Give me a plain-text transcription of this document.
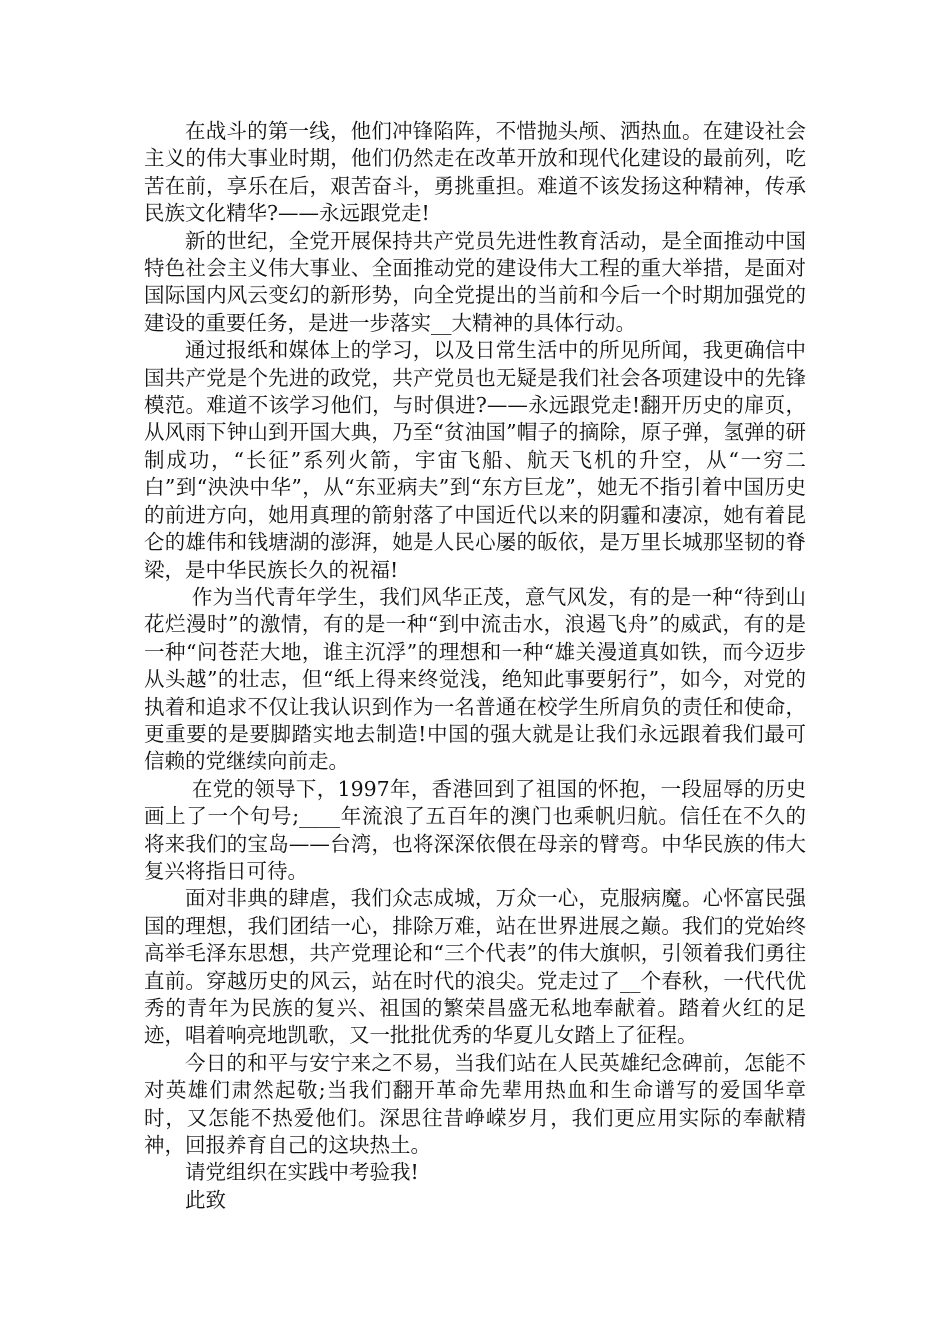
在战斗的第一线，他们冲锋陷阵，不惜抛头颅、洒热血。在建设社会主义的伟大事业时期，他们仍然走在改革开放和现代化建设的最前列，吃苦在前，享乐在后，艰苦奋斗，勇挑重担。难道不该发扬这种精神，传承民族文化精华?——永远跟党走!

新的世纪，全党开展保持共产党员先进性教育活动，是全面推动中国特色社会主义伟大事业、全面推动党的建设伟大工程的重大举措，是面对国际国内风云变幻的新形势，向全党提出的当前和今后一个时期加强党的建设的重要任务，是进一步落实__大精神的具体行动。

通过报纸和媒体上的学习，以及日常生活中的所见所闻，我更确信中国共产党是个先进的政党，共产党员也无疑是我们社会各项建设中的先锋模范。难道不该学习他们，与时俱进?——永远跟党走!翻开历史的扉页，从风雨下钟山到开国大典，乃至“贫油国”帽子的摘除，原子弹，氢弹的研制成功，“长征”系列火箭，宇宙飞船、航天飞机的升空，从“一穷二白”到“泱泱中华”，从“东亚病夫”到“东方巨龙”，她无不指引着中国历史的前进方向，她用真理的箭射落了中国近代以来的阴霾和凄凉，她有着昆仑的雄伟和钱塘湖的澎湃，她是人民心屡的皈依，是万里长城那坚韧的脊梁，是中华民族长久的祝福!

作为当代青年学生，我们风华正茂，意气风发，有的是一种“待到山花烂漫时”的激情，有的是一种“到中流击水，浪遏飞舟”的威武，有的是一种“问苍茫大地，谁主沉浮”的理想和一种“雄关漫道真如铁，而今迈步从头越”的壮志，但“纸上得来终觉浅，绝知此事要躬行”，如今，对党的执着和追求不仅让我认识到作为一名普通在校学生所肩负的责任和使命，更重要的是要脚踏实地去制造!中国的强大就是让我们永远跟着我们最可信赖的党继续向前走。

在党的领导下，1997年，香港回到了祖国的怀抱，一段屈辱的历史画上了一个句号;____年流浪了五百年的澳门也乘帆归航。信任在不久的将来我们的宝岛——台湾，也将深深依偎在母亲的臂弯。中华民族的伟大复兴将指日可待。

面对非典的肆虐，我们众志成城，万众一心，克服病魔。心怀富民强国的理想，我们团结一心，排除万难，站在世界进展之巅。我们的党始终高举毛泽东思想，共产党理论和“三个代表”的伟大旗帜，引领着我们勇往直前。穿越历史的风云，站在时代的浪尖。党走过了__个春秋，一代代优秀的青年为民族的复兴、祖国的繁荣昌盛无私地奉献着。踏着火红的足迹，唱着响亮地凯歌，又一批批优秀的华夏儿女踏上了征程。

今日的和平与安宁来之不易，当我们站在人民英雄纪念碑前，怎能不对英雄们肃然起敬;当我们翻开革命先辈用热血和生命谱写的爱国华章时，又怎能不热爱他们。深思往昔峥嵘岁月，我们更应用实际的奉献精神，回报养育自己的这块热土。

请党组织在实践中考验我!

此致
